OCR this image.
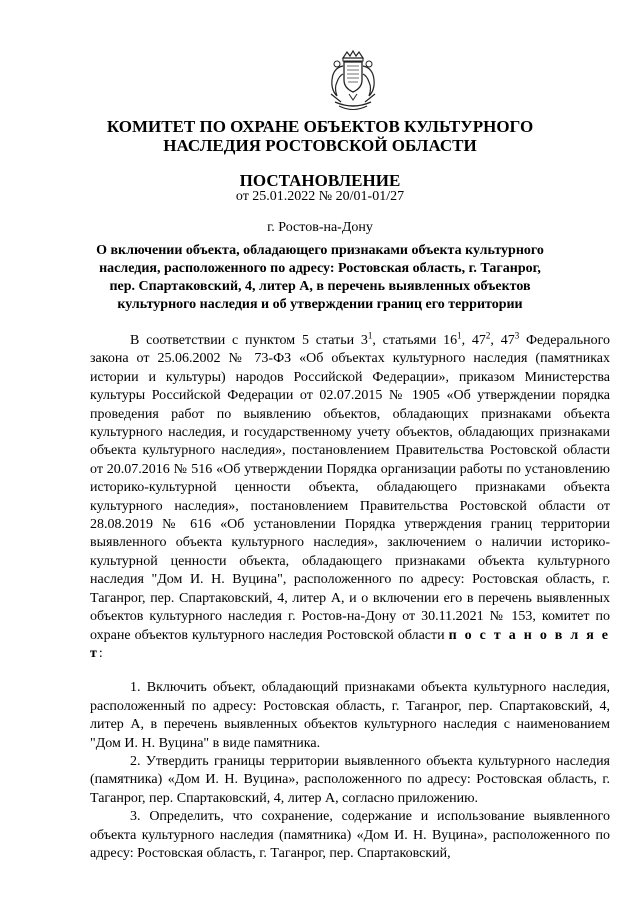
КОМИТЕТ ПО ОХРАНЕ ОБЪЕКТОВ КУЛЬТУРНОГО
НАСЛЕДИЯ РОСТОВСКОЙ ОБЛАСТИ
ПОСТАНОВЛЕНИЕ
от 25.01.2022 № 20/01-01/27
г. Ростов-на-Дону
О включении объекта, обладающего признаками объекта культурного
наследия, расположенного по адресу: Ростовская область, г. Таганрог,
пер. Спартаковский, 4, литер А, в перечень выявленных объектов
культурного наследия и об утверждении границ его территории

В соответствии с пунктом 5 статьи $3^1$, статьями $16^1$, $47^2$, $47^3$ Федерального закона от 25.06.2002 № 73-ФЗ «Об объектах культурного наследия (памятниках истории и культуры) народов Российской Федерации», приказом Министерства культуры Российской Федерации от 02.07.2015 № 1905 «Об утверждении порядка проведения работ по выявлению объектов, обладающих признаками объекта культурного наследия, и государственному учету объектов, обладающих признаками объекта культурного наследия», постановлением Правительства Ростовской области от 20.07.2016 № 516 «Об утверждении Порядка организации работы по установлению историко-культурной ценности объекта, обладающего признаками объекта культурного наследия», постановлением Правительства Ростовской области от 28.08.2019 № 616 «Об установлении Порядка утверждения границ территории выявленного объекта культурного наследия», заключением о наличии историко-культурной ценности объекта, обладающего признаками объекта культурного наследия "Дом И. Н. Вуцина", расположенного по адресу: Ростовская область, г. Таганрог, пер. Спартаковский, 4, литер А, и о включении его в перечень выявленных объектов культурного наследия г. Ростов-на-Дону от 30.11.2021 № 153, комитет по охране объектов культурного наследия Ростовской области п о с т а н о в л я е т:

1. Включить объект, обладающий признаками объекта культурного наследия, расположенный по адресу: Ростовская область, г. Таганрог, пер. Спартаковский, 4, литер А, в перечень выявленных объектов культурного наследия с наименованием "Дом И. Н. Вуцина" в виде памятника.

2. Утвердить границы территории выявленного объекта культурного наследия (памятника) «Дом И. Н. Вуцина», расположенного по адресу: Ростовская область, г. Таганрог, пер. Спартаковский, 4, литер А, согласно приложению.

3. Определить, что сохранение, содержание и использование выявленного объекта культурного наследия (памятника) «Дом И. Н. Вуцина», расположенного по адресу: Ростовская область, г. Таганрог, пер. Спартаковский,
